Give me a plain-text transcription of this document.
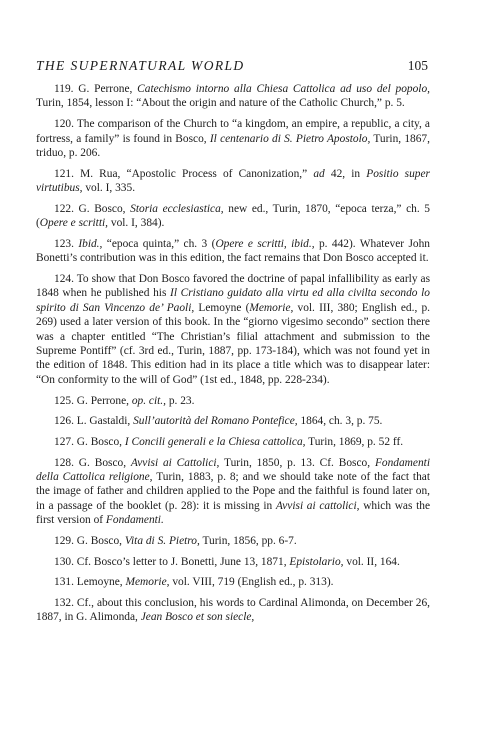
THE SUPERNATURAL WORLD	105

119. G. Perrone, Catechismo intorno alla Chiesa Cattolica ad uso del popolo, Turin, 1854, lesson I: “About the origin and nature of the Catholic Church,” p. 5.

120. The comparison of the Church to “a kingdom, an empire, a republic, a city, a fortress, a family” is found in Bosco, Il centenario di S. Pietro Apostolo, Turin, 1867, triduo, p. 206.

121. M. Rua, “Apostolic Process of Canonization,” ad 42, in Positio super virtutibus, vol. I, 335.

122. G. Bosco, Storia ecclesiastica, new ed., Turin, 1870, “epoca terza,” ch. 5 (Opere e scritti, vol. I, 384).

123. Ibid., “epoca quinta,” ch. 3 (Opere e scritti, ibid., p. 442). Whatever John Bonetti’s contribution was in this edition, the fact remains that Don Bosco accepted it.

124. To show that Don Bosco favored the doctrine of papal infallibility as early as 1848 when he published his Il Cristiano guidato alla virtu ed alla civilta secondo lo spirito di San Vincenzo de’ Paoli, Lemoyne (Memorie, vol. III, 380; English ed., p. 269) used a later version of this book. In the “giorno vigesimo secondo” section there was a chapter entitled “The Christian’s filial attachment and submission to the Supreme Pontiff” (cf. 3rd ed., Turin, 1887, pp. 173-184), which was not found yet in the edition of 1848. This edition had in its place a title which was to disappear later: “On conformity to the will of God” (1st ed., 1848, pp. 228-234).

125. G. Perrone, op. cit., p. 23.

126. L. Gastaldi, Sull’autorità del Romano Pontefice, 1864, ch. 3, p. 75.

127. G. Bosco, I Concili generali e la Chiesa cattolica, Turin, 1869, p. 52 ff.

128. G. Bosco, Avvisi ai Cattolici, Turin, 1850, p. 13. Cf. Bosco, Fondamenti della Cattolica religione, Turin, 1883, p. 8; and we should take note of the fact that the image of father and children applied to the Pope and the faithful is found later on, in a passage of the booklet (p. 28): it is missing in Avvisi ai cattolici, which was the first version of Fondamenti.

129. G. Bosco, Vita di S. Pietro, Turin, 1856, pp. 6-7.

130. Cf. Bosco’s letter to J. Bonetti, June 13, 1871, Epistolario, vol. II, 164.

131. Lemoyne, Memorie, vol. VIII, 719 (English ed., p. 313).

132. Cf., about this conclusion, his words to Cardinal Alimonda, on December 26, 1887, in G. Alimonda, Jean Bosco et son siecle,
